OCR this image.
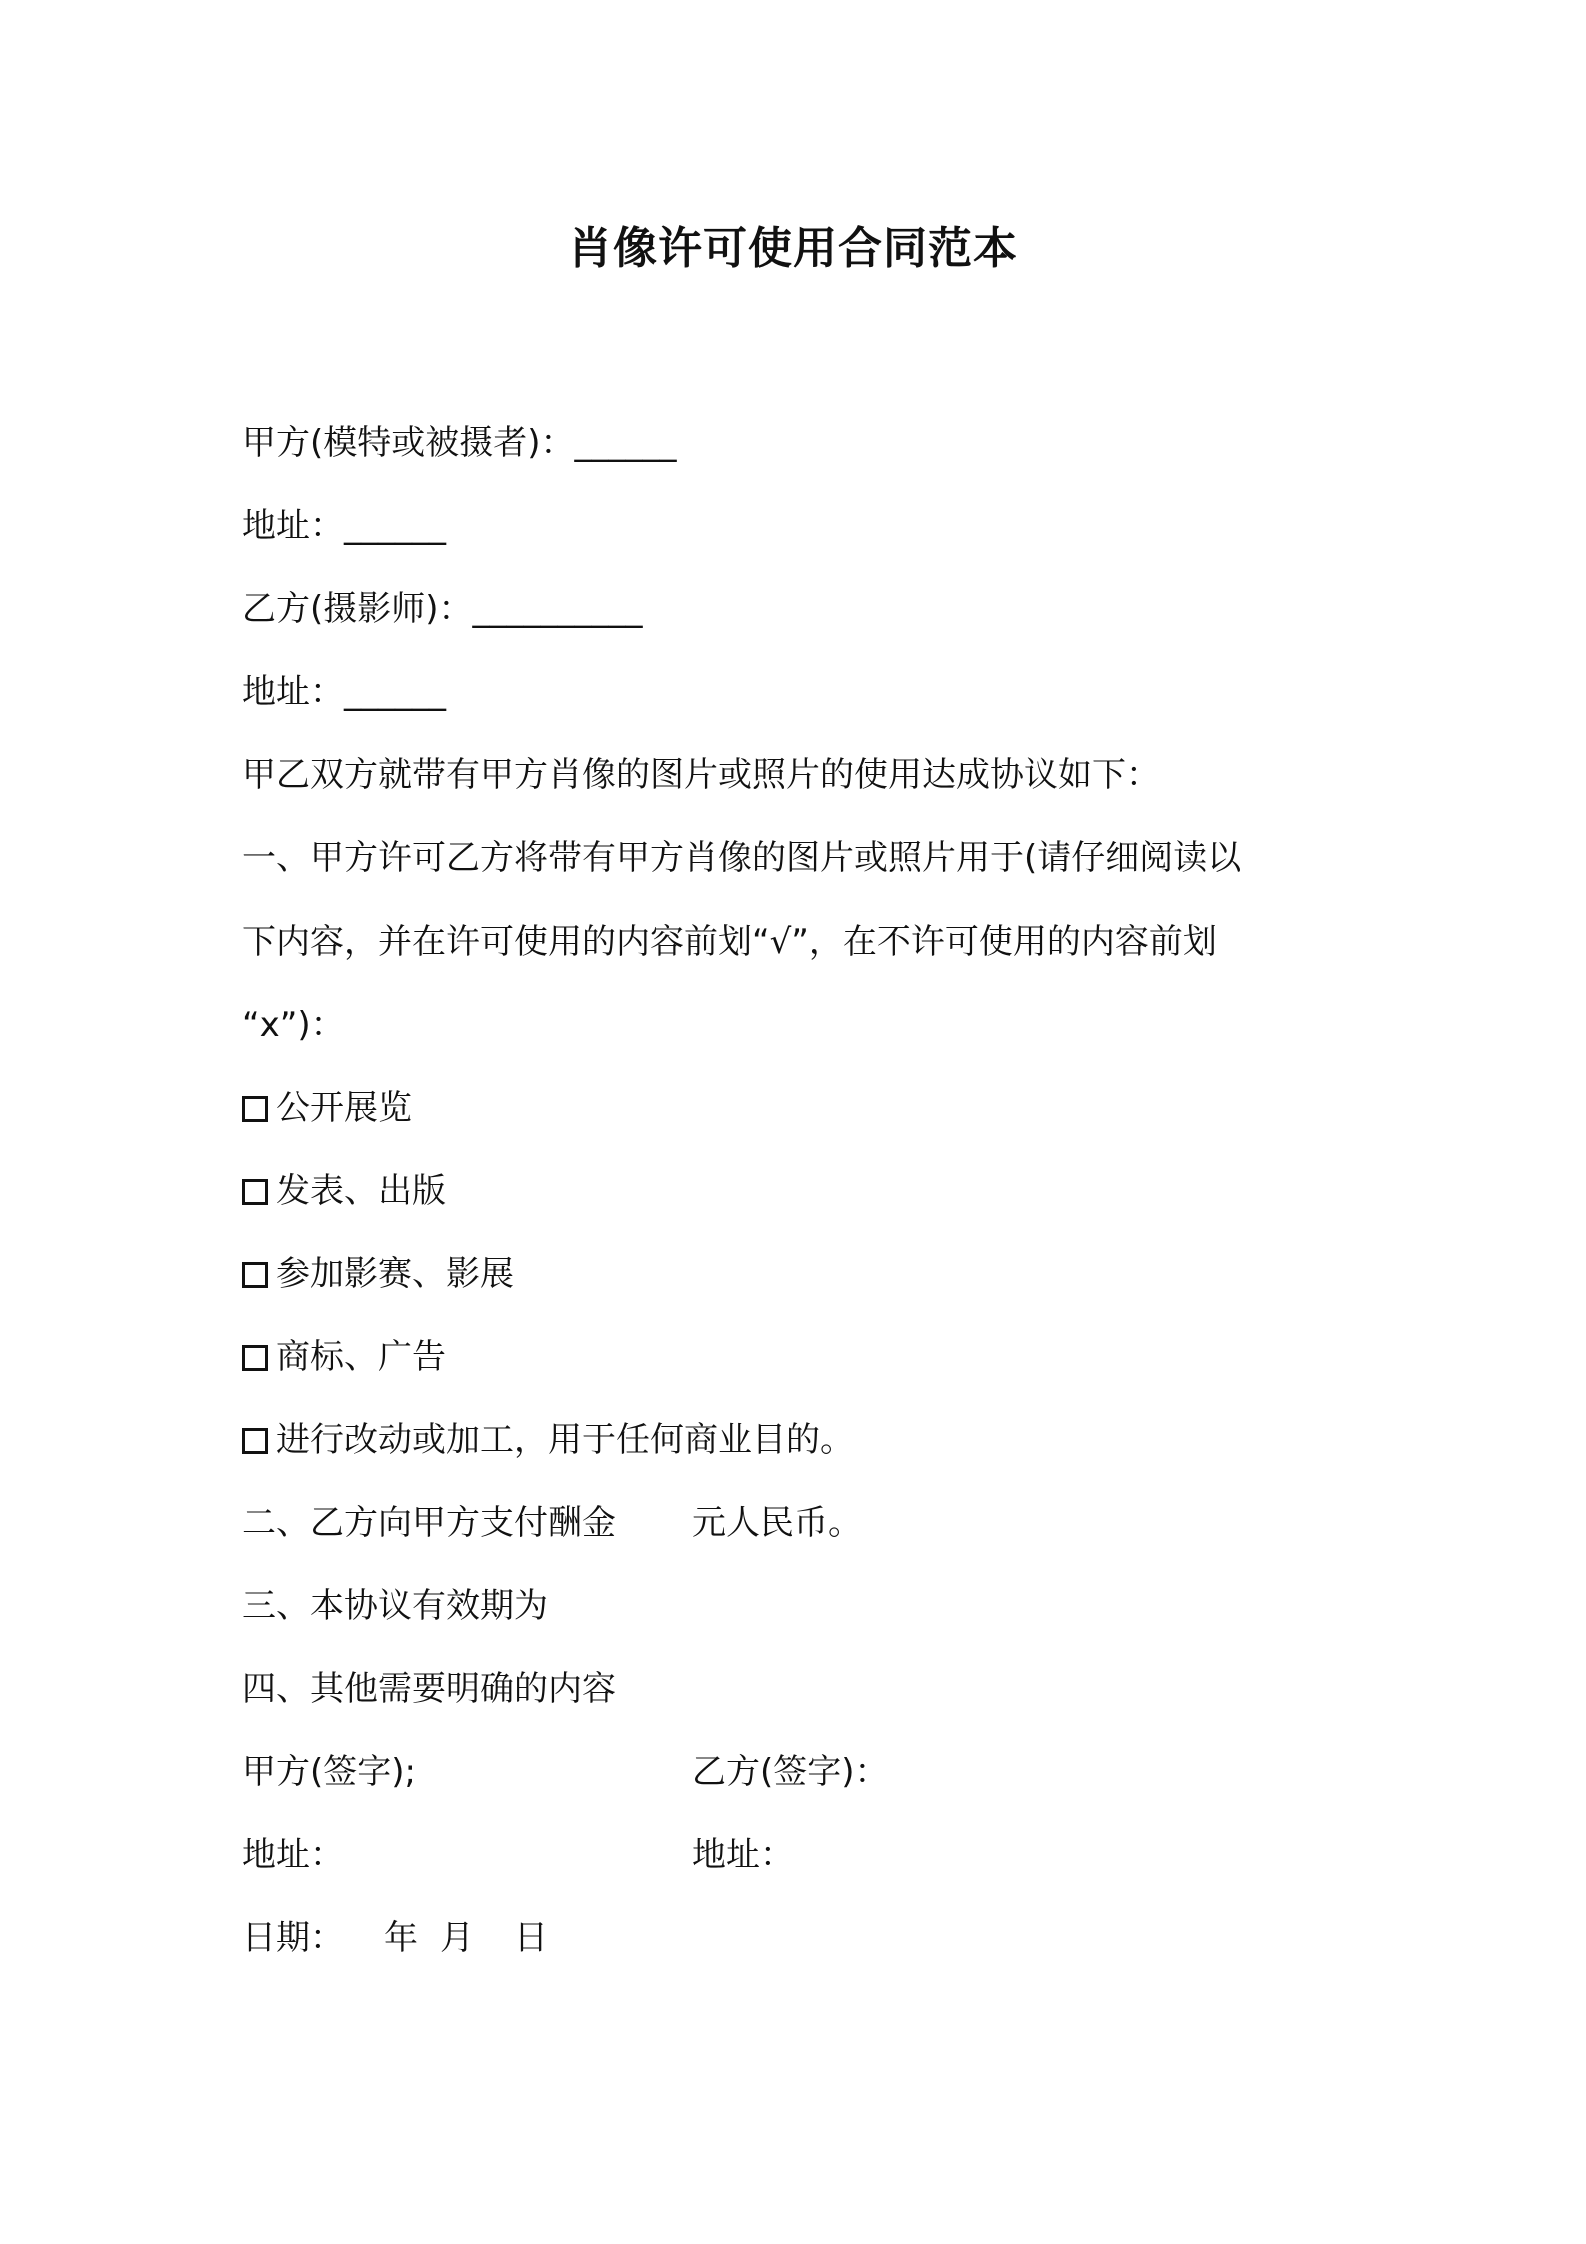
肖像许可使用合同范本

甲方(模特或被摄者)：______

地址：______

乙方(摄影师)：__________

地址：______

甲乙双方就带有甲方肖像的图片或照片的使用达成协议如下：

一、甲方许可乙方将带有甲方肖像的图片或照片用于(请仔细阅读以

下内容，并在许可使用的内容前划“√”，在不许可使用的内容前划

“x”)：

公开展览
发表、出版
参加影赛、影展
商标、广告
进行改动或加工，用于任何商业目的。
二、乙方向甲方支付酬金 元人民币。

三、本协议有效期为

四、其他需要明确的内容

甲方(签字);	乙方(签字)：
地址：	地址：
日期： 年 月 日
